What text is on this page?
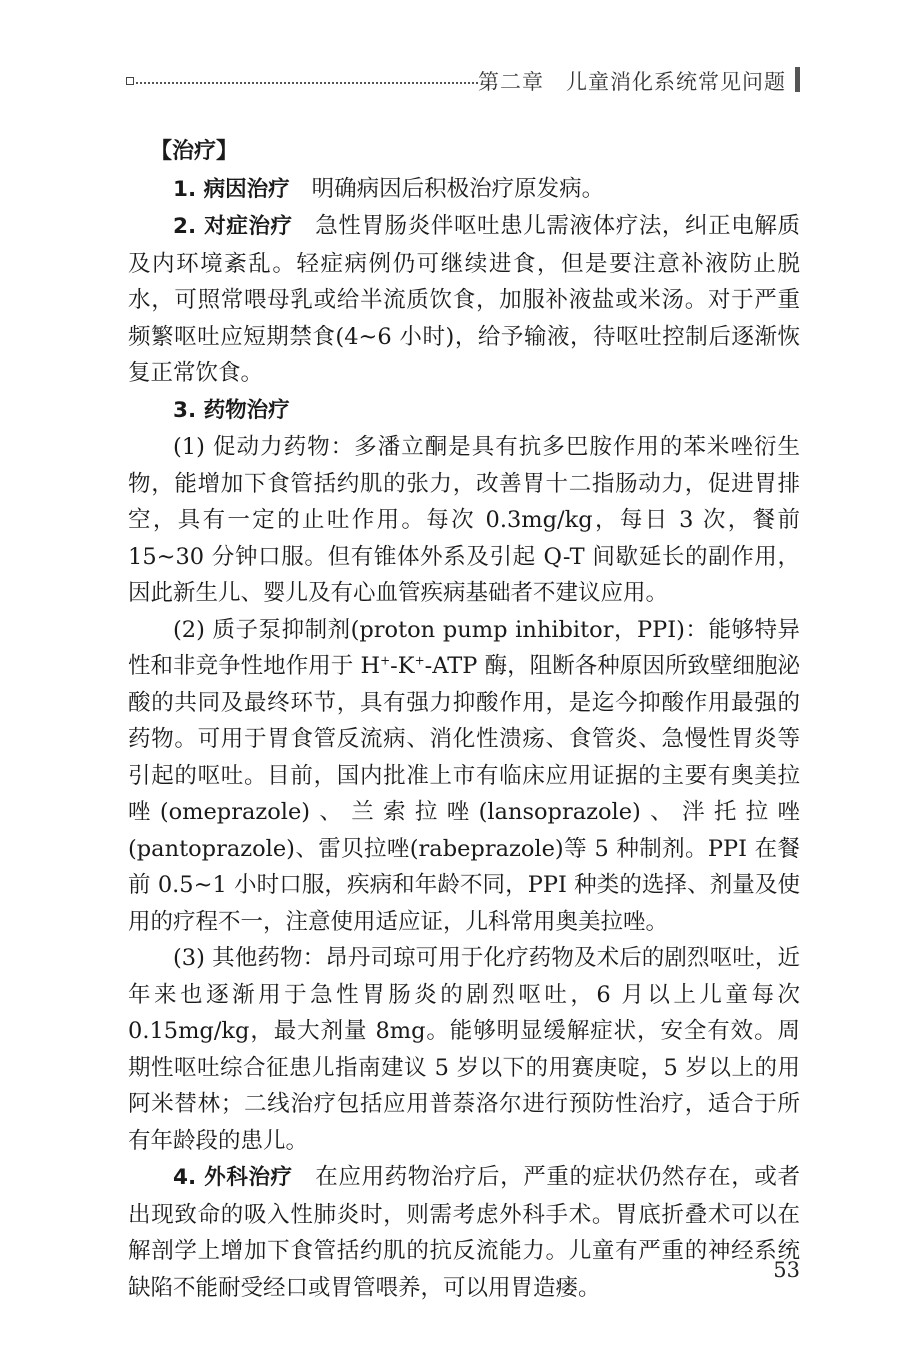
第二章　儿童消化系统常见问题

【治疗】

1. 病因治疗 明确病因后积极治疗原发病。

2. 对症治疗 急性胃肠炎伴呕吐患儿需液体疗法，纠正电解质及内环境紊乱。轻症病例仍可继续进食，但是要注意补液防止脱水，可照常喂母乳或给半流质饮食，加服补液盐或米汤。对于严重频繁呕吐应短期禁食(4~6 小时)，给予输液，待呕吐控制后逐渐恢复正常饮食。

3. 药物治疗

(1) 促动力药物：多潘立酮是具有抗多巴胺作用的苯米唑衍生物，能增加下食管括约肌的张力，改善胃十二指肠动力，促进胃排空，具有一定的止吐作用。每次 0.3mg/kg，每日 3 次，餐前 15~30 分钟口服。但有锥体外系及引起 Q-T 间歇延长的副作用，因此新生儿、婴儿及有心血管疾病基础者不建议应用。

(2) 质子泵抑制剂(proton pump inhibitor，PPI)：能够特异性和非竞争性地作用于 H+-K+-ATP 酶，阻断各种原因所致壁细胞泌酸的共同及最终环节，具有强力抑酸作用，是迄今抑酸作用最强的药物。可用于胃食管反流病、消化性溃疡、食管炎、急慢性胃炎等引起的呕吐。目前，国内批准上市有临床应用证据的主要有奥美拉唑(omeprazole)、兰索拉唑(lansoprazole)、泮托拉唑(pantoprazole)、雷贝拉唑(rabeprazole)等 5 种制剂。PPI 在餐前 0.5~1 小时口服，疾病和年龄不同，PPI 种类的选择、剂量及使用的疗程不一，注意使用适应证，儿科常用奥美拉唑。

(3) 其他药物：昂丹司琼可用于化疗药物及术后的剧烈呕吐，近年来也逐渐用于急性胃肠炎的剧烈呕吐，6 月以上儿童每次 0.15mg/kg，最大剂量 8mg。能够明显缓解症状，安全有效。周期性呕吐综合征患儿指南建议 5 岁以下的用赛庚啶，5 岁以上的用阿米替林；二线治疗包括应用普萘洛尔进行预防性治疗，适合于所有年龄段的患儿。

4. 外科治疗 在应用药物治疗后，严重的症状仍然存在，或者出现致命的吸入性肺炎时，则需考虑外科手术。胃底折叠术可以在解剖学上增加下食管括约肌的抗反流能力。儿童有严重的神经系统缺陷不能耐受经口或胃管喂养，可以用胃造瘘。

53
